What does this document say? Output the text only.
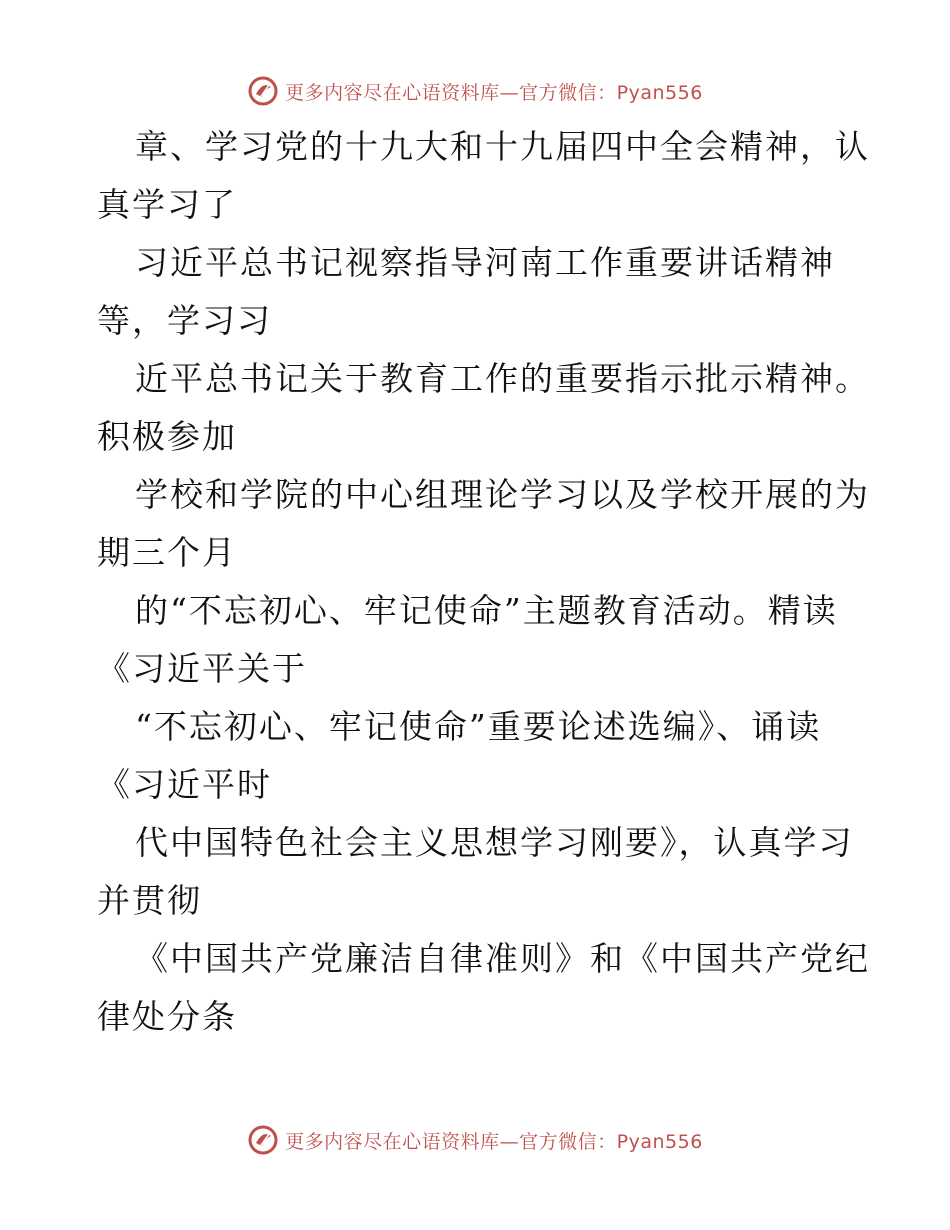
更多内容尽在心语资料库—官方微信：Pyan556
章、学习党的十九大和十九届四中全会精神，认
真学习了
习近平总书记视察指导河南工作重要讲话精神
等，学习习
近平总书记关于教育工作的重要指示批示精神。
积极参加
学校和学院的中心组理论学习以及学校开展的为
期三个月
的“不忘初心、牢记使命”主题教育活动。精读
《习近平关于
“不忘初心、牢记使命”重要论述选编》、诵读
《习近平时
代中国特色社会主义思想学习刚要》，认真学习
并贯彻
《中国共产党廉洁自律准则》和《中国共产党纪
律处分条
更多内容尽在心语资料库—官方微信：Pyan556
